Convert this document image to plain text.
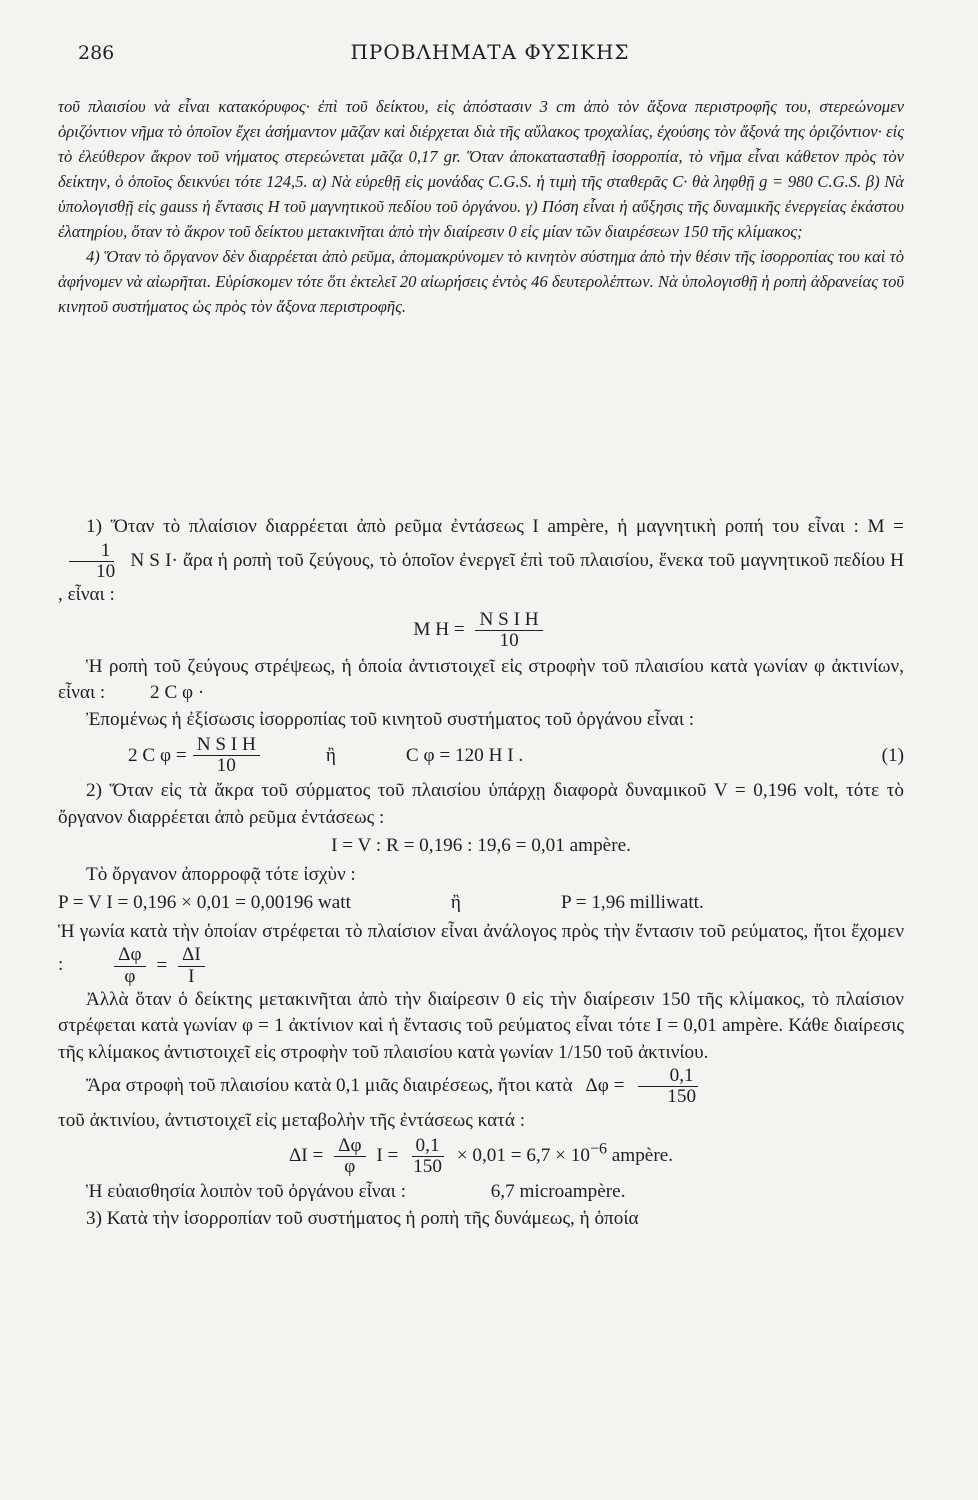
286	ΠΡΟΒΛΗΜΑΤΑ ΦΥΣΙΚΗΣ

τοῦ πλαισίου νὰ εἶναι κατακόρυφος· ἐπὶ τοῦ δείκτου, εἰς ἀπόστασιν 3 cm ἀπὸ τὸν ἄξονα περιστροφῆς του, στερεώνομεν ὁριζόντιον νῆμα τὸ ὁποῖον ἔχει ἀσήμαντον μᾶζαν καὶ διέρχεται διὰ τῆς αὔλακος τροχαλίας, ἐχούσης τὸν ἄξονά της ὁριζόντιον· εἰς τὸ ἐλεύθερον ἄκρον τοῦ νήματος στερεώνεται μᾶζα 0,17 gr. Ὅταν ἀποκατασταθῇ ἰσορροπία, τὸ νῆμα εἶναι κάθετον πρὸς τὸν δείκτην, ὁ ὁποῖος δεικνύει τότε 124,5. α) Νὰ εὑρεθῇ εἰς μονάδας C.G.S. ἡ τιμὴ τῆς σταθερᾶς C· θὰ ληφθῇ g = 980 C.G.S. β) Νὰ ὑπολογισθῇ εἰς gauss ἡ ἔντασις H τοῦ μαγνητικοῦ πεδίου τοῦ ὀργάνου. γ) Πόση εἶναι ἡ αὔξησις τῆς δυναμικῆς ἐνεργείας ἑκάστου ἐλατηρίου, ὅταν τὸ ἄκρον τοῦ δείκτου μετακινῆται ἀπὸ τὴν διαίρεσιν 0 εἰς μίαν τῶν διαιρέσεων 150 τῆς κλίμακος;

4) Ὅταν τὸ ὄργανον δὲν διαρρέεται ἀπὸ ρεῦμα, ἀπομακρύνομεν τὸ κινητὸν σύστημα ἀπὸ τὴν θέσιν τῆς ἰσορροπίας του καὶ τὸ ἀφήνομεν νὰ αἰωρῆται. Εὑρίσκομεν τότε ὅτι ἐκτελεῖ 20 αἰωρήσεις ἐντὸς 46 δευτερολέπτων. Νὰ ὑπολογισθῇ ἡ ροπὴ ἀδρανείας τοῦ κινητοῦ συστήματος ὡς πρὸς τὸν ἄξονα περιστροφῆς.

1) Ὅταν τὸ πλαίσιον διαρρέεται ἀπὸ ρεῦμα ἐντάσεως I ampère, ἡ μαγνητικὴ ροπή του εἶναι : M =
$\frac{1}{10}$ N S I· ἄρα ἡ ροπὴ τοῦ ζεύγους, τὸ ὁποῖον ἐνεργεῖ ἐπὶ τοῦ πλαισίου, ἕνεκα τοῦ μαγνητικοῦ πεδίου H , εἶναι :

M $H = \frac{\text{N S I H}}{10}$

Ἡ ροπὴ τοῦ ζεύγους στρέψεως, ἡ ὁποία ἀντιστοιχεῖ εἰς στροφὴν τοῦ πλαισίου κατὰ γωνίαν φ ἀκτινίων, εἶναι : 2 C φ ·

Ἐπομένως ἡ ἐξίσωσις ἰσορροπίας τοῦ κινητοῦ συστήματος τοῦ ὀργάνου εἶναι :

2 C $\varphi = \frac{\text{N S I H}}{10}$	ἢ	C φ = 120 H I .	(1)

2) Ὅταν εἰς τὰ ἄκρα τοῦ σύρματος τοῦ πλαισίου ὑπάρχῃ διαφορὰ δυναμικοῦ V = 0,196 volt, τότε τὸ ὄργανον διαρρέεται ἀπὸ ρεῦμα ἐντάσεως :

I = V : R = 0,196 : 19,6 = 0,01 ampère.

Τὸ ὄργανον ἀπορροφᾷ τότε ἰσχὺν :

P = V I = 0,196 × 0,01 = 0,00196 watt	ἢ	P = 1,96 milliwatt.

Ἡ γωνία κατὰ τὴν ὁποίαν στρέφεται τὸ πλαίσιον εἶναι ἀνάλογος πρὸς τὴν ἔντασιν τοῦ ρεύματος, ἤτοι ἔχομεν :	$\frac{\Delta\varphi}{\varphi} = \frac{\Delta I}{I}$

Ἀλλὰ ὅταν ὁ δείκτης μετακινῆται ἀπὸ τὴν διαίρεσιν 0 εἰς τὴν διαίρεσιν 150 τῆς κλίμακος, τὸ πλαίσιον στρέφεται κατὰ γωνίαν φ = 1 ἀκτίνιον καὶ ἡ ἔντασις τοῦ ρεύματος εἶναι τότε I = 0,01 ampère. Κάθε διαίρεσις τῆς κλίμακος ἀντιστοιχεῖ εἰς στροφὴν τοῦ πλαισίου κατὰ γωνίαν 1/150 τοῦ ἀκτινίου.

Ἄρα στροφὴ τοῦ πλαισίου κατὰ 0,1 μιᾶς διαιρέσεως, ἤτοι κατὰ $\Delta\varphi = \frac{0,1}{150}$

τοῦ ἀκτινίου, ἀντιστοιχεῖ εἰς μεταβολὴν τῆς ἐντάσεως κατά :

$\Delta I = \frac{\Delta\varphi}{\varphi}$ $I = \frac{0,1}{150} \times 0,01 = 6,7 \times 10^{-6}$ ampère.

Ἡ εὐαισθησία λοιπὸν τοῦ ὀργάνου εἶναι :	6,7 microampère.

3) Κατὰ τὴν ἰσορροπίαν τοῦ συστήματος ἡ ροπὴ τῆς δυνάμεως, ἡ ὁποία
